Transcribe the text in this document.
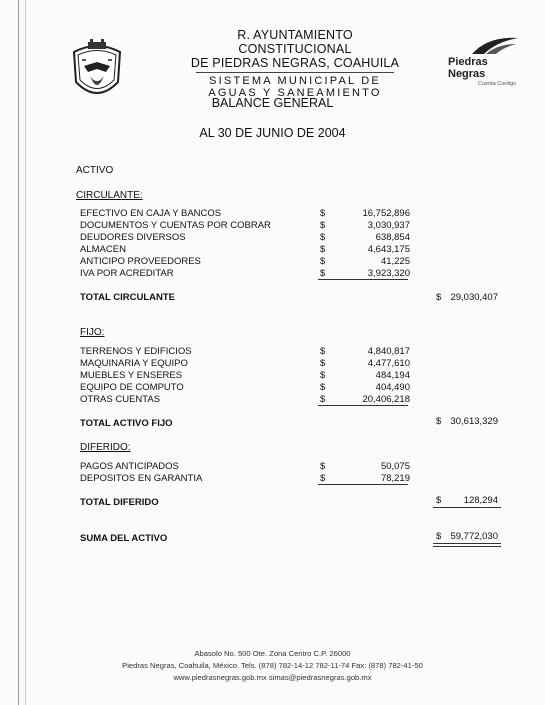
R. AYUNTAMIENTO CONSTITUCIONAL
DE PIEDRAS NEGRAS, COAHUILA
SISTEMA MUNICIPAL DE
AGUAS Y SANEAMIENTO
Piedras Negras
Cuenta Contigo
BALANCE GENERAL
AL 30 DE JUNIO DE 2004
ACTIVO
CIRCULANTE:
EFECTIVO EN CAJA Y BANCOS	$	16,752,896
DOCUMENTOS Y CUENTAS POR COBRAR	$	3,030,937
DEUDORES DIVERSOS	$	638,854
ALMACEN	$	4,643,175
ANTICIPO PROVEEDORES	$	41,225
IVA POR ACREDITAR	$	3,923,320
TOTAL CIRCULANTE	$ 29,030,407
FIJO:
TERRENOS Y EDIFICIOS	$	4,840,817
MAQUINARIA Y EQUIPO	$	4,477,610
MUEBLES Y ENSERES	$	484,194
EQUIPO DE COMPUTO	$	404,490
OTRAS CUENTAS	$	20,406,218
TOTAL ACTIVO FIJO	$ 30,613,329
DIFERIDO:
PAGOS ANTICIPADOS	$	50,075
DEPOSITOS EN GARANTIA	$	78,219
TOTAL DIFERIDO	$	128,294
SUMA DEL ACTIVO	$ 59,772,030
Abasolo No. 500 Ote. Zona Centro C.P. 26000
Piedras Negras, Coahuila, México. Tels. (878) 782-14-12 782-11-74 Fax: (878) 782-41-50
www.piedrasnegras.gob.mx simas@piedrasnegras.gob.mx
